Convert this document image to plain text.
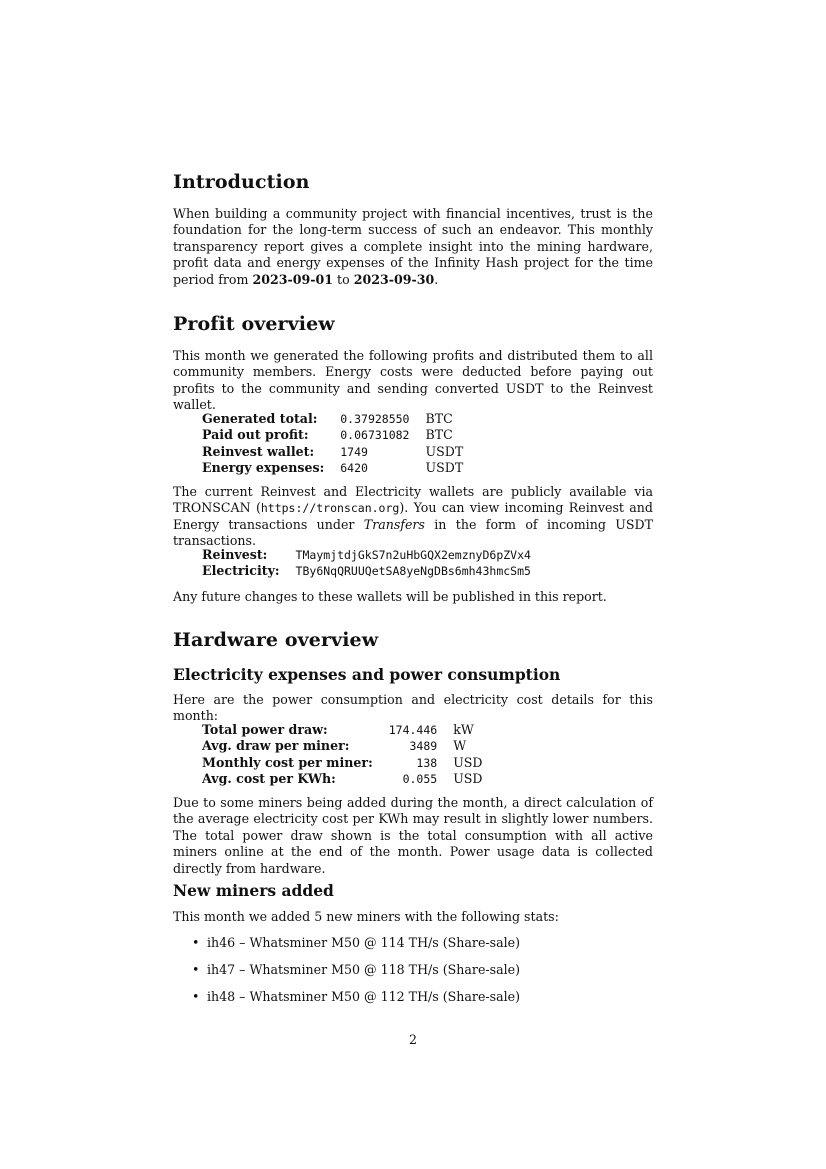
Introduction

When building a community project with financial incentives, trust is the foundation for the long-term success of such an endeavor. This monthly transparency report gives a complete insight into the mining hardware, profit data and energy expenses of the Infinity Hash project for the time period from 2023-09-01 to 2023-09-30.

Profit overview

This month we generated the following profits and distributed them to all community members. Energy costs were deducted before paying out profits to the community and sending converted USDT to the Reinvest wallet.

Generated total:	0.37928550	BTC
Paid out profit:	0.06731082	BTC
Reinvest wallet:	1749	USDT
Energy expenses:	6420	USDT

The current Reinvest and Electricity wallets are publicly available via TRONSCAN (https://tronscan.org). You can view incoming Reinvest and Energy transactions under Transfers in the form of incoming USDT transactions.

Reinvest:	TMaymjtdjGkS7n2uHbGQX2emznyD6pZVx4
Electricity:	TBy6NqQRUUQetSA8yeNgDBs6mh43hmcSm5

Any future changes to these wallets will be published in this report.

Hardware overview
Electricity expenses and power consumption

Here are the power consumption and electricity cost details for this month:

Total power draw:	174.446	kW
Avg. draw per miner:	3489	W
Monthly cost per miner:	138	USD
Avg. cost per KWh:	0.055	USD

Due to some miners being added during the month, a direct calculation of the average electricity cost per KWh may result in slightly lower numbers. The total power draw shown is the total consumption with all active miners online at the end of the month. Power usage data is collected directly from hardware.

New miners added

This month we added 5 new miners with the following stats:

• ih46 – Whatsminer M50 @ 114 TH/s (Share-sale)
• ih47 – Whatsminer M50 @ 118 TH/s (Share-sale)
• ih48 – Whatsminer M50 @ 112 TH/s (Share-sale)
2
